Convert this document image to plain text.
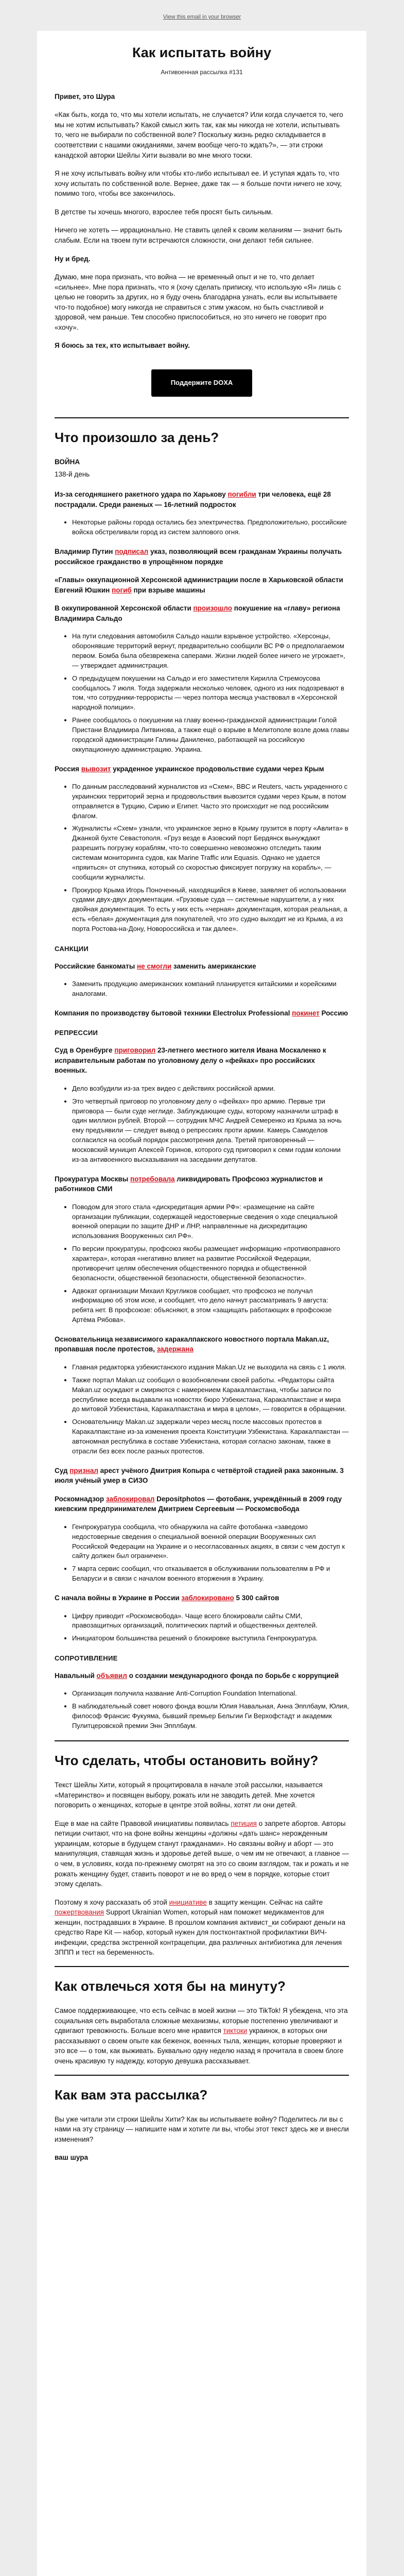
View this email in your browser
Как испытать войну
Антивоенная рассылка #131

Привет, это Шура

«Как быть, когда то, что мы хотели испытать, не случается? Или когда случается то, чего мы не хотим испытывать? Какой смысл жить так, как мы никогда не хотели, испытывать то, чего не выбирали по собственной воле? Поскольку жизнь редко складывается в соответствии с нашими ожиданиями, зачем вообще чего-то ждать?», — эти строки канадской авторки Шейлы Хити вызвали во мне много тоски.

Я не хочу испытывать войну или чтобы кто-либо испытывал ее. И уступая ждать то, что хочу испытать по собственной воле. Вернее, даже так — я больше почти ничего не хочу, помимо того, чтобы все закончилось.

В детстве ты хочешь многого, взрослее тебя просят быть сильным.

Ничего не хотеть — иррационально. Не ставить целей к своим желаниям — значит быть слабым. Если на твоем пути встречаются сложности, они делают тебя сильнее.

Ну и бред.

Думаю, мне пора признать, что война — не временный опыт и не то, что делает «сильнее». Мне пора признать, что я (хочу сделать приписку, что использую «Я» лишь с целью не говорить за других, но я буду очень благодарна узнать, если вы испытываете что-то подобное) могу никогда не справиться с этим ужасом, но быть счастливой и здоровой, чем раньше. Тем способно приспособиться, но это ничего не говорит про «хочу».

Я боюсь за тех, кто испытывает войну.

Поддержите DOXA
Что произошло за день?
ВОЙНА
138-й день

Из-за сегодняшнего ракетного удара по Харькову погибли три человека, ещё 28 пострадали. Среди раненых — 16-летний подросток

• Некоторые районы города остались без электричества. Предположительно, российские войска обстреливали город из систем залпового огня.

Владимир Путин подписал указ, позволяющий всем гражданам Украины получать российское гражданство в упрощённом порядке

«Главы» оккупационной Херсонской администрации после в Харьковской области Евгений Юшкин погиб при взрыве машины

В оккупированной Херсонской области произошло покушение на «главу» региона Владимира Сальдо

• На пути следования автомобиля Сальдо нашли взрывное устройство. «Херсонцы, оборонявшие территорий вернут, предварительно сообщили ВС РФ о предполагаемом первом. Бомба была обезврежена саперами. Жизни людей более ничего не угрожает», — утверждает администрация.
• О предыдущем покушении на Сальдо и его заместителя Кирилла Стремоусова сообщалось 7 июля. Тогда задержали несколько человек, одного из них подозревают в том, что сотрудники-террористы — через полтора месяца участвовал в «Херсонской народной полиции».
• Ранее сообщалось о покушении на главу военно-гражданской администрации Голой Пристани Владимира Литвинова, а также ещё о взрыве в Мелитополе возле дома главы городской администрации Галины Даниленко, работающей на российскую оккупационную администрацию. Украина.

Россия вывозит украденное украинское продовольствие судами через Крым

• По данным расследований журналистов из «Схем», BBC и Reuters, часть украденного с украинских территорий зерна и продовольствия вывозится судами через Крым, в потом отправляется в Турцию, Сирию и Египет. Часто это происходит не под российским флагом.
• Журналисты «Схем» узнали, что украинское зерно в Крыму грузится в порту «Авлита» в Джанкой бухте Севастополя. «Груз везде в Азовский порт Бердянск вынуждают разрешить погрузку кораблям, что-то совершенно невозможно отследить таким системам мониторинга судов, как Marine Traffic или Equasis. Однако не удается «пряиться» от спутника, который со скоростью фиксирует погрузку на корабль», — сообщили журналисты.
• Прокурор Крыма Игорь Поноченный, находящийся в Киеве, заявляет об использовании судами двух-двух документации. «Грузовые суда — системные нарушители, а у них двойная документация. То есть у них есть «черная» документация, которая реальная, а есть «белая» документация для покупателей, что это судно выходит не из Крыма, а из порта Ростова-на-Дону, Новороссийска и так далее».
САНКЦИИ

Российские банкоматы не смогли заменить американские

• Заменить продукцию американских компаний планируется китайскими и корейскими аналогами.

Компания по производству бытовой техники Electrolux Professional покинет Россию

РЕПРЕССИИ

Суд в Оренбурге приговорил 23-летнего местного жителя Ивана Москаленко к исправительным работам по уголовному делу о «фейках» про российских военных.

• Дело возбудили из-за трех видео с действиях российской армии.
• Это четвертый приговор по уголовному делу о «фейках» про армию. Первые три приговора — были суде неглиде. Заблуждающие суды, которому назначили штраф в один миллион рублей. Второй — сотрудник МЧС Андрей Семеренко из Крыма за ночь ему предъявили — следует вывод о репрессиях проти армии. Камерь Самоделов согласился на особый порядок рассмотрения дела. Третий приговоренный — московский муницип Алексей Горинов, которого суд приговорил к семи годам колонии из-за антивоенного высказывания на заседании депутатов.

Прокуратура Москвы потребовала ликвидировать Профсоюз журналистов и работников СМИ

• Поводом для этого стала «дискредитация армии РФ»: «размещение на сайте организации публикации, содержащей недостоверные сведения о ходе специальной военной операции по защите ДНР и ЛНР, направленные на дискредитацию использования Вооруженных сил РФ».
• По версии прокуратуры, профсоюз якобы размещает информацию «противоправного характера», которая «негативно влияет на развитие Российской Федерации, противоречит целям обеспечения общественного порядка и общественной безопасности, общественной безопасности, общественной безопасности».
• Адвокат организации Михаил Кругликов сообщает, что профсоюз не получал информацию об этом иске, и сообщает, что дело начнут рассматривать 9 августа: ребята нет. В профсоюзе: объясняют, в этом «защищать работающих в профсоюзе Артёма Рябова».

Основательница независимого каракалпакского новостного портала Makan.uz, пропавшая после протестов, задержана

• Главная редакторка узбекистанского издания Makan.Uz не выходила на связь с 1 июля.
• Также портал Makan.uz сообщил о возобновлении своей работы. «Редакторы сайта Makan.uz осуждают и смиряются с намерением Каракалпакстана, чтобы записи по республике всегда выдавали на новостях бюро Узбекистана, Каракалпакстане и мира до митовой Узбекистана, Каракалпакстана и мира в целом», — говорится в обращении.
• Основательницу Makan.uz задержали через месяц после массовых протестов в Каракалпакстане из-за изменения проекта Конституции Узбекистана. Каракалпакстан — автономная республика в составе Узбекистана, которая согласно законам, также в отрасли без всех после разных протестов.

Суд признал арест учёного Дмитрия Копыра с четвёртой стадией рака законным. 3 июля учёный умер в СИЗО

Роскомнадзор заблокировал Depositphotos — фотобанк, учреждённый в 2009 году киевским предпринимателем Дмитрием Сергеевым — Роскомсвобода

• Генпрокуратура сообщила, что обнаружила на сайте фотобанка «заведомо недостоверные сведения о специальной военной операции Вооруженных сил Российской Федерации на Украине и о несогласованных акциях, в связи с чем доступ к сайту должен был ограничен».
• 7 марта сервис сообщил, что отказывается в обслуживании пользователям в РФ и Беларуси и в связи с началом военного вторжения в Украину.

С начала войны в Украине в России заблокировано 5 300 сайтов

• Цифру приводит «Роскомсвобода». Чаще всего блокировали сайты СМИ, правозащитных организаций, политических партий и общественных деятелей.
• Инициатором большинства решений о блокировке выступила Генпрокуратура.
СОПРОТИВЛЕНИЕ

Навальный объявил о создании международного фонда по борьбе с коррупцией

• Организация получила название Anti-Corruption Foundation International.
• В наблюдательный совет нового фонда вошли Юлия Навальная, Анна Эпплбаум, Юлия, философ Франсис Фукуяма, бывший премьер Бельгии Ги Верхофстадт и академик Пулитцеровской премии Энн Эпплбаум.
Что сделать, чтобы остановить войну?

Текст Шейлы Хити, который я процитировала в начале этой рассылки, называется «Материнство» и посвящен выбору, рожать или не заводить детей. Мне хочется поговорить о женщинах, которые в центре этой войны, хотят ли они детей.

Еще в мае на сайте Правовой инициативы появилась петиция о запрете абортов. Авторы петиции считают, что на фоне войны женщины «должны «дать шанс» нерожденным украинцам, которые в будущем станут гражданами». Но связаны войну и аборт — это манипуляция, ставящая жизнь и здоровье детей выше, о чем им не отвечают, а главное — о чем, в условиях, когда по-прежнему смотрят на это со своим взглядом, так и рожать и не рожать женщину будет, ставить поворот и не во вред о чем в порядке, которые стоит этому сделать.

Поэтому я хочу рассказать об этой инициативе в защиту женщин. Сейчас на сайте пожертвования Support Ukrainian Women, который нам поможет медикаментов для женщин, пострадавших в Украине. В прошлом компания активист_ки собирают деньги на средство Rape Kit — набор, который нужен для постконтактной профилактики ВИЧ-инфекции, средства экстренной контрацепции, два различных антибиотика для лечения ЗППП и тест на беременность.

Как отвлечься хотя бы на минуту?

Самое поддерживающее, что есть сейчас в моей жизни — это TikTok! Я убеждена, что эта социальная сеть выработала сложные механизмы, которые постепенно увеличивают и сдвигают тревожность. Больше всего мне нравится тиктоки украинок, в которых они рассказывают о своем опыте как беженок, военных тыла, женщин, которые проверяют и это все — о том, как выживать. Буквально одну неделю назад я прочитала в своем блоге очень красивую ту надежду, которую девушка рассказывает.

Как вам эта рассылка?

Вы уже читали эти строки Шейлы Хити? Как вы испытываете войну? Поделитесь ли вы с нами на эту страницу — напишите нам и хотите ли вы, чтобы этот текст здесь же и внесли изменения?

ваш шура
